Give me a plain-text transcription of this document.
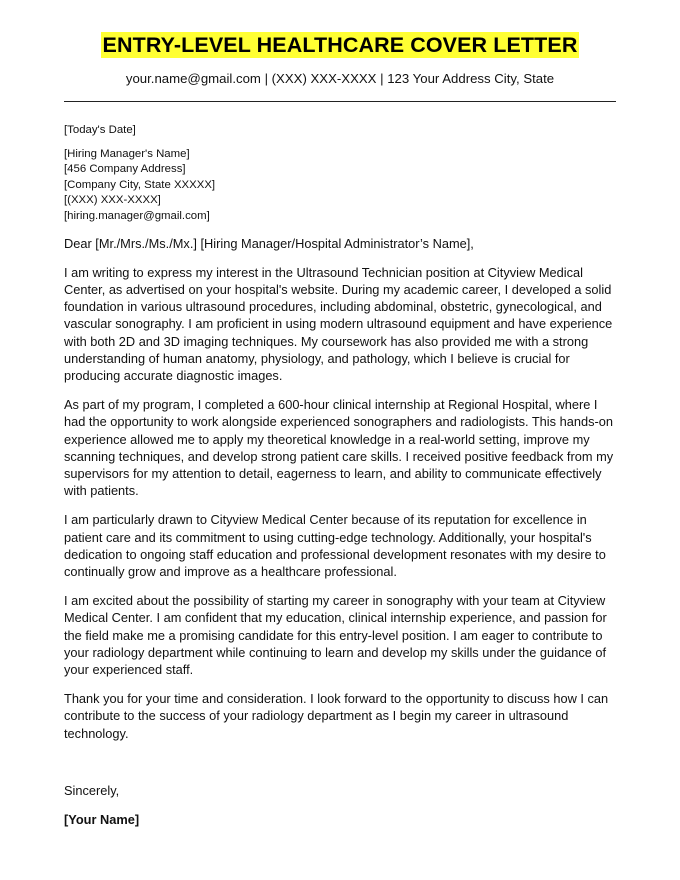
ENTRY-LEVEL HEALTHCARE COVER LETTER
your.name@gmail.com | (XXX) XXX-XXXX | 123 Your Address City, State
[Today's Date]
[Hiring Manager's Name]
[456 Company Address]
[Company City, State XXXXX]
[(XXX) XXX-XXXX]
[hiring.manager@gmail.com]
Dear [Mr./Mrs./Ms./Mx.] [Hiring Manager/Hospital Administrator’s Name],
I am writing to express my interest in the Ultrasound Technician position at Cityview Medical Center, as advertised on your hospital's website. During my academic career, I developed a solid foundation in various ultrasound procedures, including abdominal, obstetric, gynecological, and vascular sonography. I am proficient in using modern ultrasound equipment and have experience with both 2D and 3D imaging techniques. My coursework has also provided me with a strong understanding of human anatomy, physiology, and pathology, which I believe is crucial for producing accurate diagnostic images.
As part of my program, I completed a 600-hour clinical internship at Regional Hospital, where I had the opportunity to work alongside experienced sonographers and radiologists. This hands-on experience allowed me to apply my theoretical knowledge in a real-world setting, improve my scanning techniques, and develop strong patient care skills. I received positive feedback from my supervisors for my attention to detail, eagerness to learn, and ability to communicate effectively with patients.
I am particularly drawn to Cityview Medical Center because of its reputation for excellence in patient care and its commitment to using cutting-edge technology. Additionally, your hospital's dedication to ongoing staff education and professional development resonates with my desire to continually grow and improve as a healthcare professional.
I am excited about the possibility of starting my career in sonography with your team at Cityview Medical Center. I am confident that my education, clinical internship experience, and passion for the field make me a promising candidate for this entry-level position. I am eager to contribute to your radiology department while continuing to learn and develop my skills under the guidance of your experienced staff.
Thank you for your time and consideration. I look forward to the opportunity to discuss how I can contribute to the success of your radiology department as I begin my career in ultrasound technology.
Sincerely,
[Your Name]
